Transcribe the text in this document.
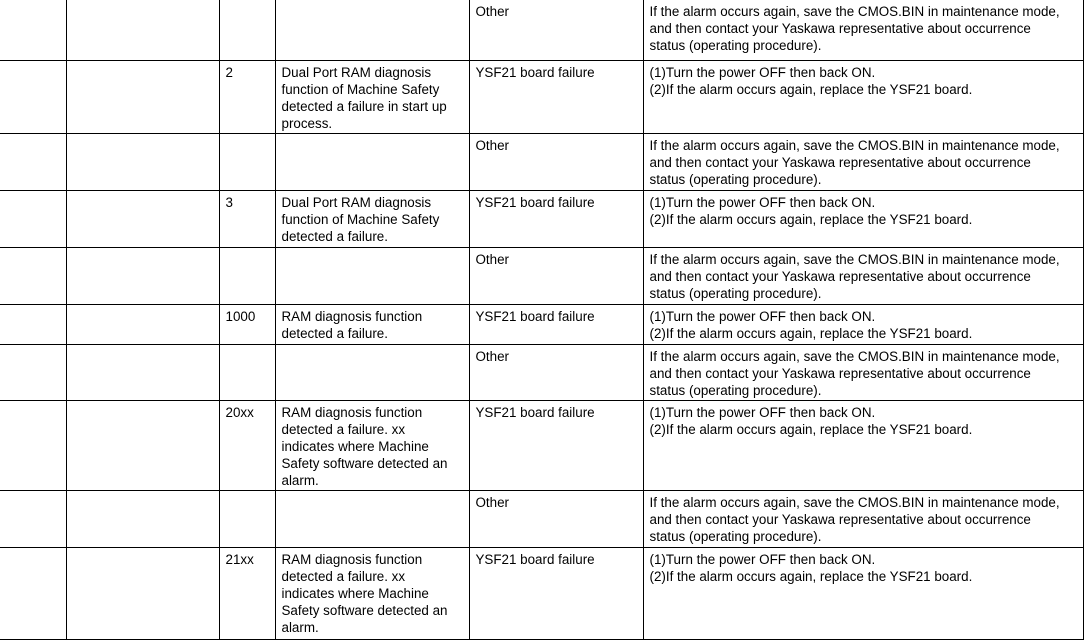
				Other	If the alarm occurs again, save the CMOS.BIN in maintenance mode,
and then contact your Yaskawa representative about occurrence
status (operating procedure).
		2	Dual Port RAM diagnosis
function of Machine Safety
detected a failure in start up
process.	YSF21 board failure	(1)Turn the power OFF then back ON.
(2)If the alarm occurs again, replace the YSF21 board.
				Other	If the alarm occurs again, save the CMOS.BIN in maintenance mode,
and then contact your Yaskawa representative about occurrence
status (operating procedure).
		3	Dual Port RAM diagnosis
function of Machine Safety
detected a failure.	YSF21 board failure	(1)Turn the power OFF then back ON.
(2)If the alarm occurs again, replace the YSF21 board.
				Other	If the alarm occurs again, save the CMOS.BIN in maintenance mode,
and then contact your Yaskawa representative about occurrence
status (operating procedure).
		1000	RAM diagnosis function
detected a failure.	YSF21 board failure	(1)Turn the power OFF then back ON.
(2)If the alarm occurs again, replace the YSF21 board.
				Other	If the alarm occurs again, save the CMOS.BIN in maintenance mode,
and then contact your Yaskawa representative about occurrence
status (operating procedure).
		20xx	RAM diagnosis function
detected a failure. xx
indicates where Machine
Safety software detected an
alarm.	YSF21 board failure	(1)Turn the power OFF then back ON.
(2)If the alarm occurs again, replace the YSF21 board.
				Other	If the alarm occurs again, save the CMOS.BIN in maintenance mode,
and then contact your Yaskawa representative about occurrence
status (operating procedure).
		21xx	RAM diagnosis function
detected a failure. xx
indicates where Machine
Safety software detected an
alarm.	YSF21 board failure	(1)Turn the power OFF then back ON.
(2)If the alarm occurs again, replace the YSF21 board.
